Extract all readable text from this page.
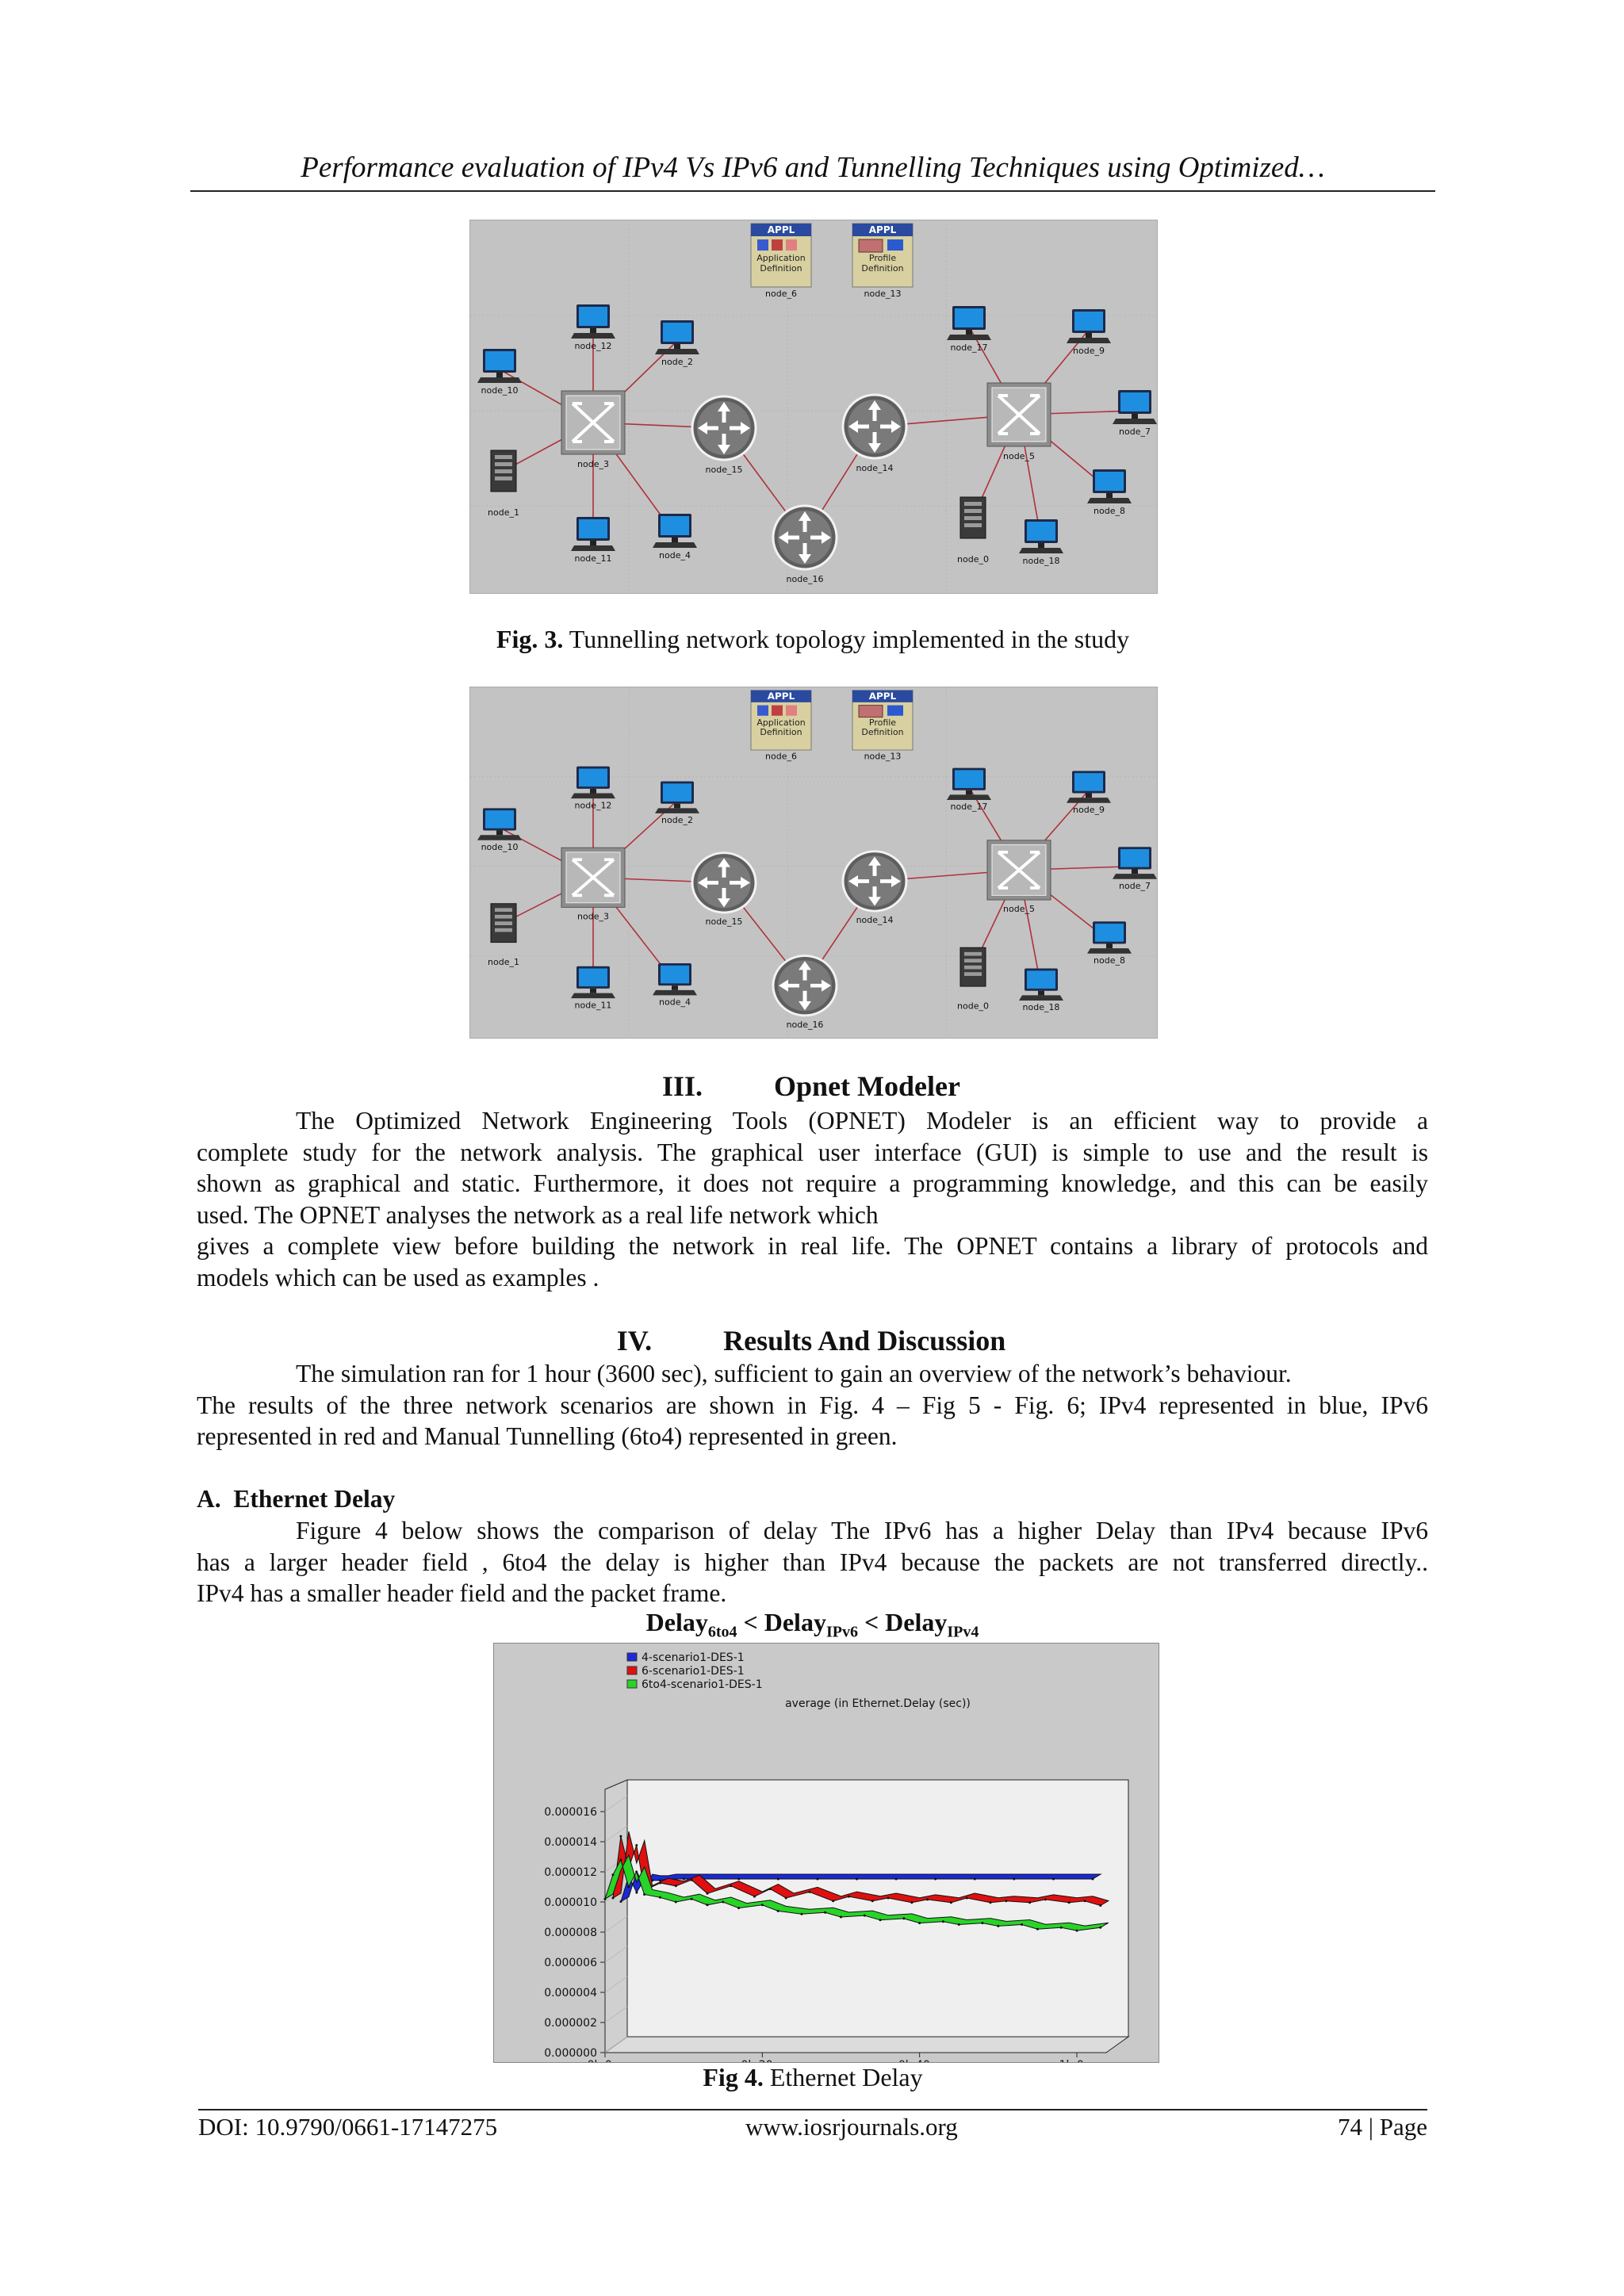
Performance evaluation of IPv4 Vs IPv6 and Tunnelling Techniques using Optimized…
APPL
Application
Definition
APPL
Profile
Definition
node_6	node_13
node_12
node_2
node_10
node_3
node_15	node_14
node_17	node_9
node_7
node_5
node_1
node_11	node_4
node_16
node_0	node_18
node_8
Fig. 3. Tunnelling network topology implemented in the study
APPL
Application
Definition
APPL
Profile
Definition
node_6	node_13
node_12
node_2
node_10
node_3
node_15	node_14
node_17	node_9
node_7
node_5
node_1
node_11	node_4
node_16
node_0	node_18
node_8
III.	Opnet Modeler
The Optimized Network Engineering Tools (OPNET) Modeler is an efficient way to provide a
complete study for the network analysis. The graphical user interface (GUI) is simple to use and the result is
shown as graphical and static. Furthermore, it does not require a programming knowledge, and this can be easily
used. The OPNET analyses the network as a real life network which
gives a complete view before building the network in real life. The OPNET contains a library of protocols and
models which can be used as examples .
IV.	Results And Discussion
The simulation ran for 1 hour (3600 sec), sufficient to gain an overview of the network’s behaviour.
The results of the three network scenarios are shown in Fig. 4 – Fig 5 - Fig. 6; IPv4 represented in blue, IPv6
represented in red and Manual Tunnelling (6to4) represented in green.
A. Ethernet Delay
Figure 4 below shows the comparison of delay The IPv6 has a higher Delay than IPv4 because IPv6
has a larger header field , 6to4 the delay is higher than IPv4 because the packets are not transferred directly..
IPv4 has a smaller header field and the packet frame.
Delay$_{6to4}$ < Delay$_{IPv6}$ < Delay$_{IPv4}$
4-scenario1-DES-1
6-scenario1-DES-1
6to4-scenario1-DES-1
average (in Ethernet.Delay (sec))
0.000000
0.000002
0.000004
0.000006
0.000008
0.000010
0.000012
0.000014
0.000016
Fig 4. Ethernet Delay
DOI: 10.9790/0661-17147275	www.iosrjournals.org	74 | Page
